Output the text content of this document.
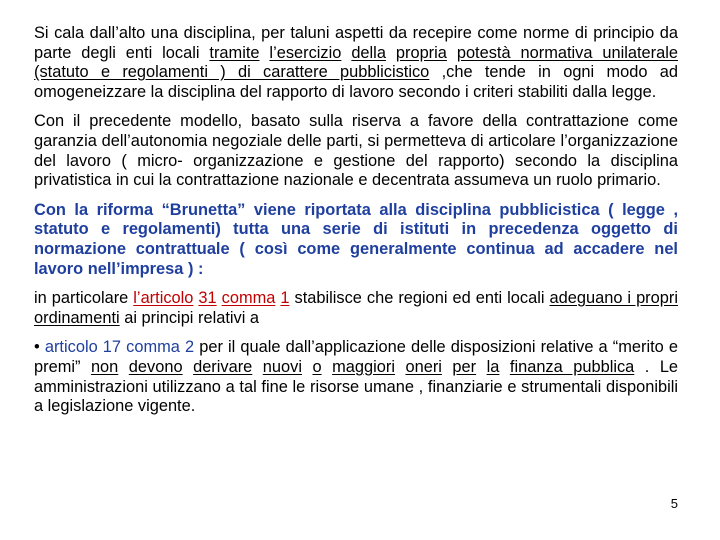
Si cala dall’alto una disciplina, per taluni aspetti da recepire come norme di principio da parte degli enti locali tramite l’esercizio della propria potestà normativa unilaterale (statuto e regolamenti ) di carattere pubblicistico ,che tende in ogni modo ad omogeneizzare la disciplina del rapporto di lavoro secondo i criteri stabiliti dalla legge.

Con il precedente modello, basato sulla riserva a favore della contrattazione come garanzia dell’autonomia negoziale delle parti, si permetteva di articolare l’organizzazione del lavoro ( micro- organizzazione e gestione del rapporto) secondo la disciplina privatistica in cui la contrattazione nazionale e decentrata assumeva un ruolo primario.

Con la riforma “Brunetta” viene riportata alla disciplina pubblicistica ( legge , statuto e regolamenti) tutta una serie di istituti in precedenza oggetto di normazione contrattuale ( così come generalmente continua ad accadere nel lavoro nell’impresa ) :

in particolare l’articolo 31 comma 1 stabilisce che regioni ed enti locali adeguano i propri ordinamenti ai principi relativi a

• articolo 17 comma 2 per il quale dall’applicazione delle disposizioni relative a “merito e premi” non devono derivare nuovi o maggiori oneri per la finanza pubblica . Le amministrazioni utilizzano a tal fine le risorse umane , finanziarie e strumentali disponibili a legislazione vigente.

5
